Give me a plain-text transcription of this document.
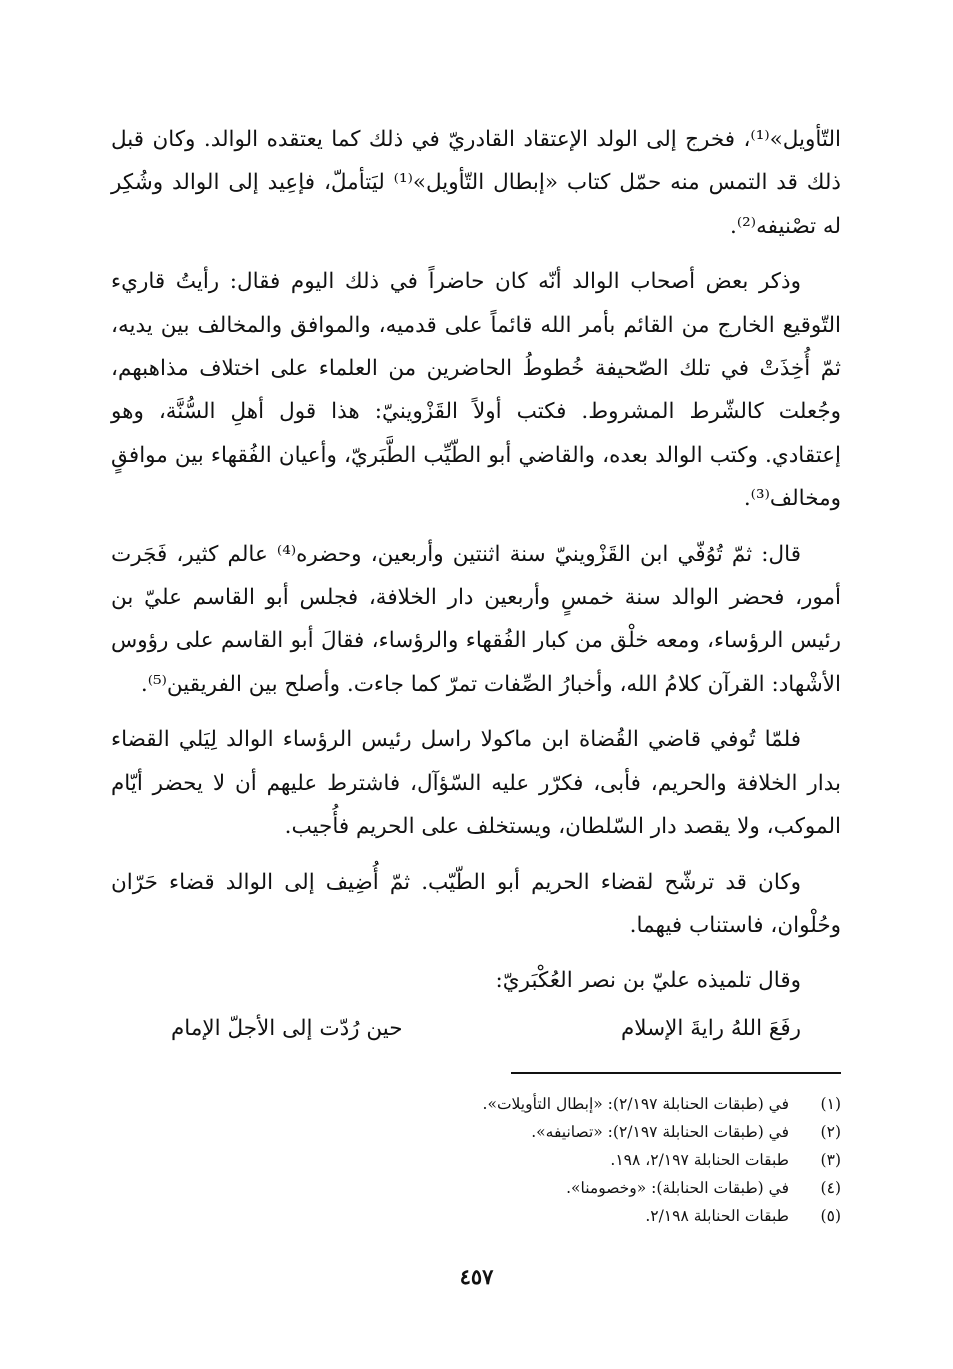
التّأويل»⁽¹⁾، فخرج إلى الولد الإعتقاد القادريّ في ذلك كما يعتقده الوالد. وكان قبل ذلك قد التمس منه حمّل كتاب «إبطال التّأويل»⁽¹⁾ ليَتأملّ، فإعِيد إلى الوالد وشُكِر له تصْنيفه⁽²⁾.

وذكر بعض أصحاب الوالد أنّه كان حاضراً في ذلك اليوم فقال: رأيتُ قاريء التّوقيع الخارج من القائم بأمر الله قائماً على قدميه، والموافق والمخالف بين يديه، ثمّ أُخِذَتْ في تلك الصّحيفة خُطوطُ الحاضرين من العلماء على اختلاف مذاهبهم، وجُعلت كالشّرط المشروط. فكتب أولاً القَزْوينيّ: هذا قول أهلِ السُّنَّة، وهو إعتقادي. وكتب الوالد بعده، والقاضي أبو الطّيِّب الطَّبَريّ، وأعيان الفُقهاء بين موافقٍ ومخالف⁽³⁾.

قال: ثمّ تُوُفّي ابن القَزْوينيّ سنة اثنتين وأربعين، وحضره⁽⁴⁾ عالم كثير، فَجَرت أمور، فحضر الوالد سنة خمسٍ وأربعين دار الخلافة، فجلس أبو القاسم عليّ بن رئيس الرؤساء، ومعه خلْق من كبار الفُقهاء والرؤساء، فقالَ أبو القاسم على رؤوس الأشْهاد: القرآن كلامُ الله، وأخبارُ الصِّفات تمرّ كما جاءت. وأصلح بين الفريقين⁽⁵⁾.

فلمّا تُوفي قاضي القُضاة ابن ماكولا راسل رئيس الرؤساء الوالد لِيَلي القضاء بدار الخلافة والحريم، فأبى، فكرّر عليه السّؤآل، فاشترط عليهم أن لا يحضر أيّام الموكب، ولا يقصد دار السّلطان، ويستخلف على الحريم فأُجيب.

وكان قد ترشّح لقضاء الحريم أبو الطّيّب. ثمّ أُضِيف إلى الوالد قضاء حَرّان وحُلْوان، فاستناب فيهما.

وقال تلميذه عليّ بن نصر العُكْبَريّ:

رفَعَ اللهُ رايةَ الإسلام
حين رُدّت إلى الأجلّ الإمام
(١)
في (طبقات الحنابلة ٢/١٩٧): «إبطال التأويلات».
(٢)
في (طبقات الحنابلة ٢/١٩٧): «تصانيفه».
(٣)
طبقات الحنابلة ٢/١٩٧، ١٩٨.
(٤)
في (طبقات الحنابلة): «وخصومنا».
(٥)
طبقات الحنابلة ٢/١٩٨.
٤٥٧
